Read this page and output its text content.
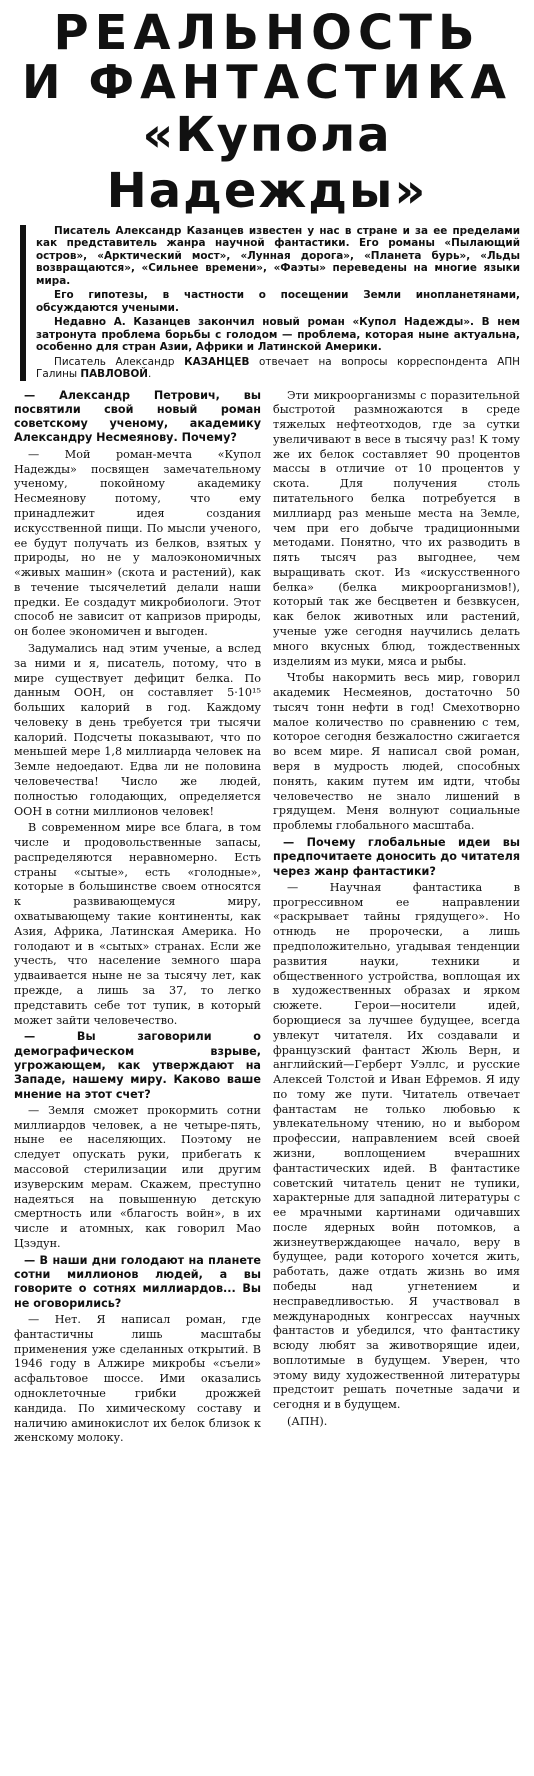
РЕАЛЬНОСТЬ
И ФАНТАСТИКА
«Купола Надежды»

Писатель Александр Казанцев известен у нас в стране и за ее пределами как представитель жанра научной фантастики. Его романы «Пылающий остров», «Арктический мост», «Лунная дорога», «Планета бурь», «Льды возвращаются», «Сильнее времени», «Фаэты» переведены на многие языки мира.

Его гипотезы, в частности о посещении Земли инопланетянами, обсуждаются учеными.

Недавно А. Казанцев закончил новый роман «Купол Надежды». В нем затронута проблема борьбы с голодом — проблема, которая ныне актуальна, особенно для стран Азии, Африки и Латинской Америки.

Писатель Александр КАЗАНЦЕВ отвечает на вопросы корреспондента АПН Галины ПАВЛОВОЙ.

— Александр Петрович, вы посвятили свой новый роман советскому ученому, академику Александру Несмеянову. Почему?

— Мой роман-мечта «Купол Надежды» посвящен замечательному ученому, покойному академику Несмеянову потому, что ему принадлежит идея создания искусственной пищи. По мысли ученого, ее будут получать из белков, взятых у природы, но не у малоэкономичных «живых машин» (скота и растений), как в течение тысячелетий делали наши предки. Ее создадут микробиологи. Этот способ не зависит от капризов природы, он более экономичен и выгоден.

Задумались над этим ученые, а вслед за ними и я, писатель, потому, что в мире существует дефицит белка. По данным ООН, он составляет 5·10¹⁵ больших калорий в год. Каждому человеку в день требуется три тысячи калорий. Подсчеты показывают, что по меньшей мере 1,8 миллиарда человек на Земле недоедают. Едва ли не половина человечества! Число же людей, полностью голодающих, определяется ООН в сотни миллионов человек!

В современном мире все блага, в том числе и продовольственные запасы, распределяются неравномерно. Есть страны «сытые», есть «голодные», которые в большинстве своем относятся к развивающемуся миру, охватывающему такие континенты, как Азия, Африка, Латинская Америка. Но голодают и в «сытых» странах. Если же учесть, что население земного шара удваивается ныне не за тысячу лет, как прежде, а лишь за 37, то легко представить себе тот тупик, в который может зайти человечество.

— Вы заговорили о демографическом взрыве, угрожающем, как утверждают на Западе, нашему миру. Каково ваше мнение на этот счет?

— Земля сможет прокормить сотни миллиардов человек, а не четыре-пять, ныне ее населяющих. Поэтому не следует опускать руки, прибегать к массовой стерилизации или другим изуверским мерам. Скажем, преступно надеяться на повышенную детскую смертность или «благость войн», в их числе и атомных, как говорил Мао Цзэдун.

— В наши дни голодают на планете сотни миллионов людей, а вы говорите о сотнях миллиардов... Вы не оговорились?

— Нет. Я написал роман, где фантастичны лишь масштабы применения уже сделанных открытий. В 1946 году в Алжире микробы «съели» асфальтовое шоссе. Ими оказались одноклеточные грибки дрожжей кандида. По химическому составу и наличию аминокислот их белок близок к женскому молоку.

Эти микроорганизмы с поразительной быстротой размножаются в среде тяжелых нефтеотходов, где за сутки увеличивают в весе в тысячу раз! К тому же их белок составляет 90 процентов массы в отличие от 10 процентов у скота. Для получения столь питательного белка потребуется в миллиард раз меньше места на Земле, чем при его добыче традиционными методами. Понятно, что их разводить в пять тысяч раз выгоднее, чем выращивать скот. Из «искусственного белка» (белка микроорганизмов!), который так же бесцветен и безвкусен, как белок животных или растений, ученые уже сегодня научились делать много вкусных блюд, тождественных изделиям из муки, мяса и рыбы.

Чтобы накормить весь мир, говорил академик Несмеянов, достаточно 50 тысяч тонн нефти в год! Смехотворно малое количество по сравнению с тем, которое сегодня безжалостно сжигается во всем мире. Я написал свой роман, веря в мудрость людей, способных понять, каким путем им идти, чтобы человечество не знало лишений в грядущем. Меня волнуют социальные проблемы глобального масштаба.

— Почему глобальные идеи вы предпочитаете доносить до читателя через жанр фантастики?

— Научная фантастика в прогрессивном ее направлении «раскрывает тайны грядущего». Но отнюдь не пророчески, а лишь предположительно, угадывая тенденции развития науки, техники и общественного устройства, воплощая их в художественных образах и ярком сюжете. Герои—носители идей, борющиеся за лучшее будущее, всегда увлекут читателя. Их создавали и французский фантаст Жюль Верн, и английский—Герберт Уэллс, и русские Алексей Толстой и Иван Ефремов. Я иду по тому же пути. Читатель отвечает фантастам не только любовью к увлекательному чтению, но и выбором профессии, направлением всей своей жизни, воплощением вчерашних фантастических идей. В фантастике советский читатель ценит не тупики, характерные для западной литературы с ее мрачными картинами одичавших после ядерных войн потомков, а жизнеутверждающее начало, веру в будущее, ради которого хочется жить, работать, даже отдать жизнь во имя победы над угнетением и несправедливостью. Я участвовал в международных конгрессах научных фантастов и убедился, что фантастику всюду любят за животворящие идеи, воплотимые в будущем. Уверен, что этому виду художественной литературы предстоит решать почетные задачи и сегодня и в будущем.

(АПН).
